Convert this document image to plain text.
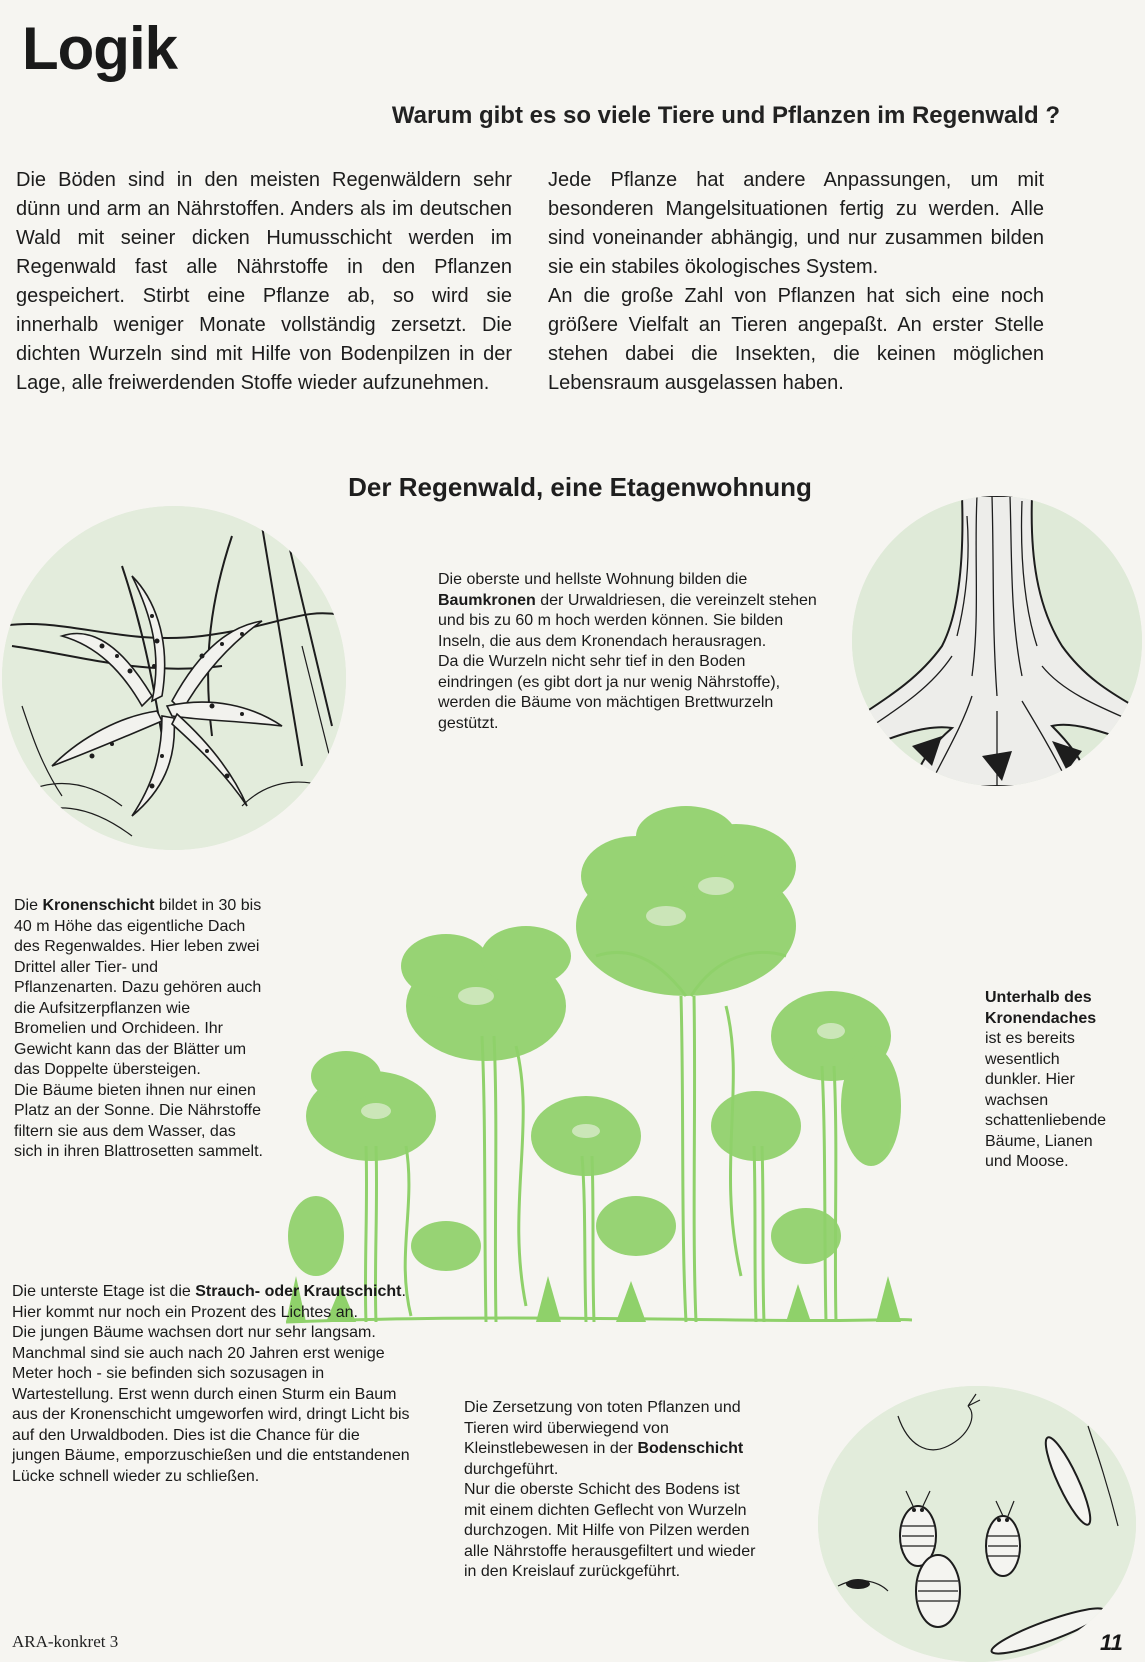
Logik
Warum gibt es so viele Tiere und Pflanzen im Regenwald ?
Die Böden sind in den meisten Regenwäldern sehr dünn und arm an Nährstoffen. Anders als im deutschen Wald mit seiner dicken Humusschicht werden im Regenwald fast alle Nährstoffe in den Pflanzen gespeichert. Stirbt eine Pflanze ab, so wird sie innerhalb weniger Monate vollständig zersetzt. Die dichten Wurzeln sind mit Hilfe von Bodenpilzen in der Lage, alle freiwerdenden Stoffe wieder aufzunehmen.
Jede Pflanze hat andere Anpassungen, um mit besonderen Mangelsituationen fertig zu werden. Alle sind voneinander abhängig, und nur zusammen bilden sie ein stabiles ökologisches System.
An die große Zahl von Pflanzen hat sich eine noch größere Vielfalt an Tieren angepaßt. An erster Stelle stehen dabei die Insekten, die keinen möglichen Lebensraum ausgelassen haben.
Der Regenwald, eine Etagenwohnung
Die oberste und hellste Wohnung bilden die Baumkronen der Urwaldriesen, die vereinzelt stehen und bis zu 60 m hoch werden können. Sie bilden Inseln, die aus dem Kronendach herausragen.
Da die Wurzeln nicht sehr tief in den Boden eindringen (es gibt dort ja nur wenig Nährstoffe), werden die Bäume von mächtigen Brettwurzeln gestützt.
Die Kronenschicht bildet in 30 bis 40 m Höhe das eigentliche Dach des Regenwaldes. Hier leben zwei Drittel aller Tier- und Pflanzenarten. Dazu gehören auch die Aufsitzerpflanzen wie Bromelien und Orchideen. Ihr Gewicht kann das der Blätter um das Doppelte übersteigen.
Die Bäume bieten ihnen nur einen Platz an der Sonne. Die Nährstoffe filtern sie aus dem Wasser, das sich in ihren Blattrosetten sammelt.
Unterhalb des Kronendaches ist es bereits wesentlich dunkler. Hier wachsen schattenliebende Bäume, Lianen und Moose.
Die unterste Etage ist die Strauch- oder Krautschicht. Hier kommt nur noch ein Prozent des Lichtes an.
Die jungen Bäume wachsen dort nur sehr langsam. Manchmal sind sie auch nach 20 Jahren erst wenige Meter hoch - sie befinden sich sozusagen in Wartestellung. Erst wenn durch einen Sturm ein Baum aus der Kronenschicht umgeworfen wird, dringt Licht bis auf den Urwaldboden. Dies ist die Chance für die jungen Bäume, emporzuschießen und die entstandenen Lücke schnell wieder zu schließen.
Die Zersetzung von toten Pflanzen und Tieren wird überwiegend von Kleinstlebewesen in der Bodenschicht durchgeführt.
Nur die oberste Schicht des Bodens ist mit einem dichten Geflecht von Wurzeln durchzogen. Mit Hilfe von Pilzen werden alle Nährstoffe herausgefiltert und wieder in den Kreislauf zurückgeführt.
ARA-konkret 3	11
